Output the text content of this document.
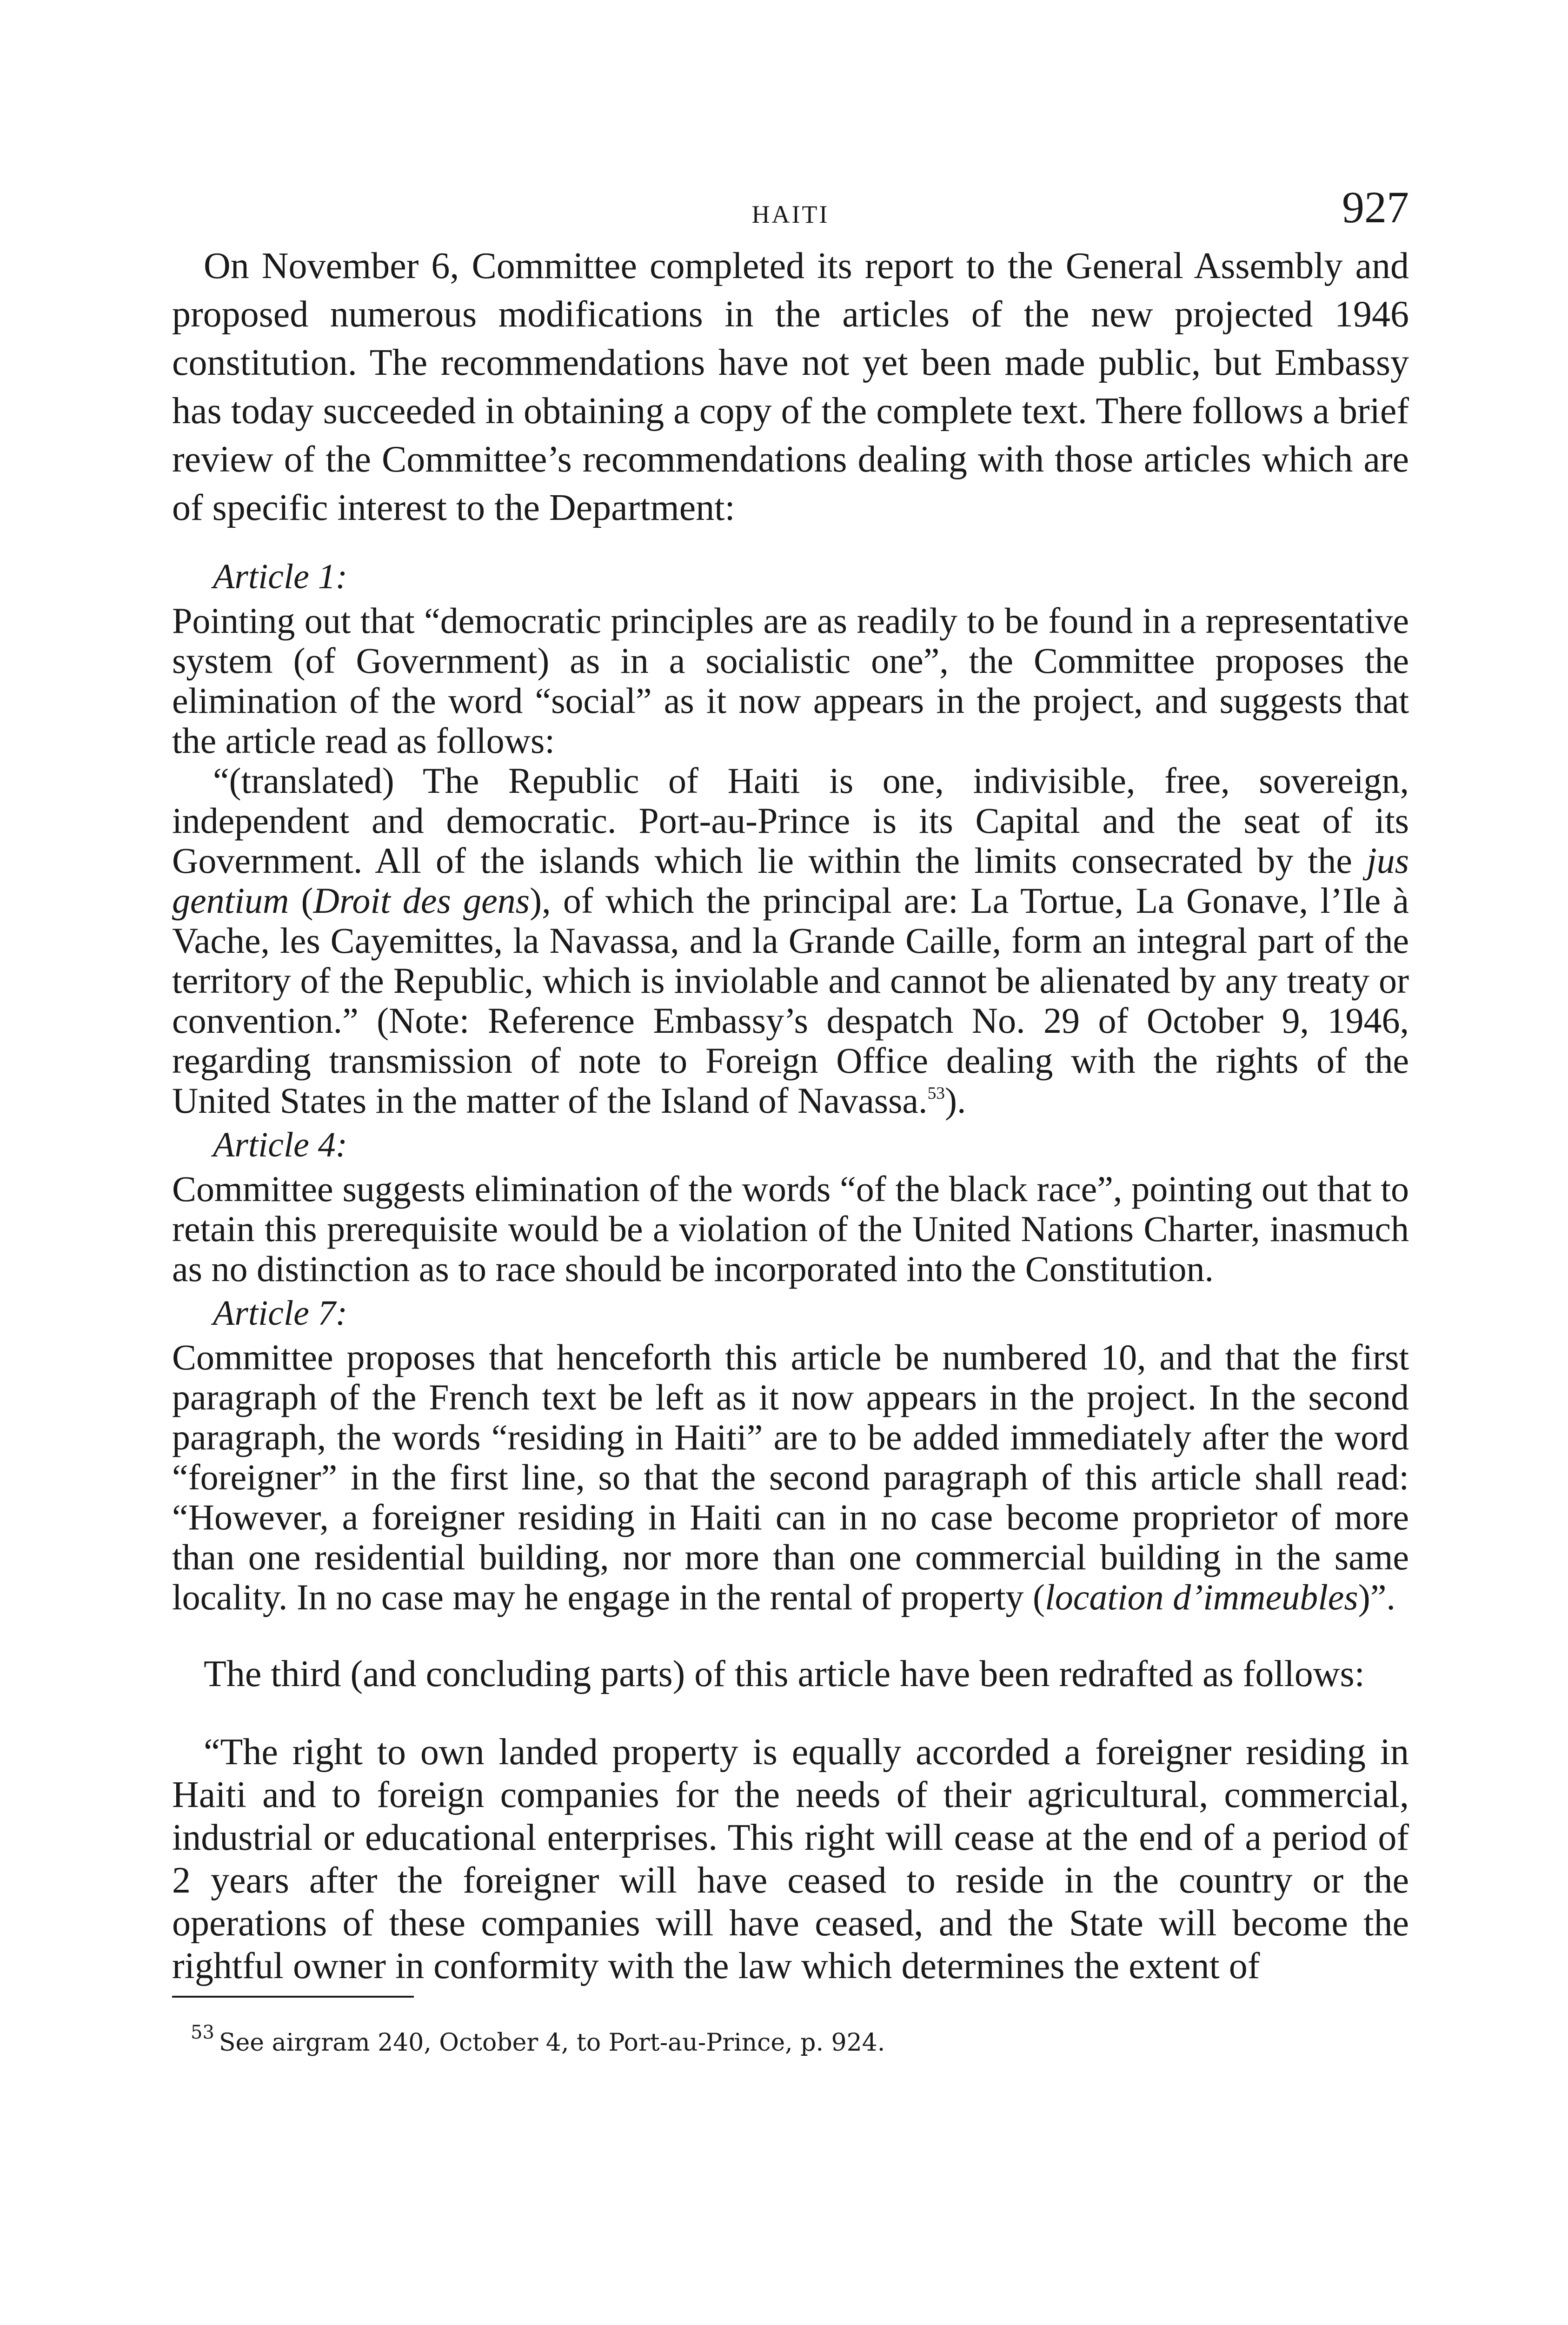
HAITI	927

On November 6, Committee completed its report to the General Assembly and proposed numerous modifications in the articles of the new projected 1946 constitution. The recommendations have not yet been made public, but Embassy has today succeeded in obtaining a copy of the complete text. There follows a brief review of the Committee’s recommendations dealing with those articles which are of specific interest to the Department:

Article 1:

Pointing out that “democratic principles are as readily to be found in a representative system (of Government) as in a socialistic one”, the Committee proposes the elimination of the word “social” as it now appears in the project, and suggests that the article read as follows:

“(translated) The Republic of Haiti is one, indivisible, free, sovereign, independent and democratic. Port-au-Prince is its Capital and the seat of its Government. All of the islands which lie within the limits consecrated by the jus gentium (Droit des gens), of which the principal are: La Tortue, La Gonave, l’Ile à Vache, les Cayemittes, la Navassa, and la Grande Caille, form an integral part of the territory of the Republic, which is inviolable and cannot be alienated by any treaty or convention.” (Note: Reference Embassy’s despatch No. 29 of October 9, 1946, regarding transmission of note to Foreign Office dealing with the rights of the United States in the matter of the Island of Navassa.$^{53}$).

Article 4:

Committee suggests elimination of the words “of the black race”, pointing out that to retain this prerequisite would be a violation of the United Nations Charter, inasmuch as no distinction as to race should be incorporated into the Constitution.

Article 7:

Committee proposes that henceforth this article be numbered 10, and that the first paragraph of the French text be left as it now appears in the project. In the second paragraph, the words “residing in Haiti” are to be added immediately after the word “foreigner” in the first line, so that the second paragraph of this article shall read: “However, a foreigner residing in Haiti can in no case become proprietor of more than one residential building, nor more than one commercial building in the same locality. In no case may he engage in the rental of property (location d’immeubles)”.

The third (and concluding parts) of this article have been redrafted as follows:

“The right to own landed property is equally accorded a foreigner residing in Haiti and to foreign companies for the needs of their agricultural, commercial, industrial or educational enterprises. This right will cease at the end of a period of 2 years after the foreigner will have ceased to reside in the country or the operations of these companies will have ceased, and the State will become the rightful owner in conformity with the law which determines the extent of

$^{53}$ See airgram 240, October 4, to Port-au-Prince, p. 924.
